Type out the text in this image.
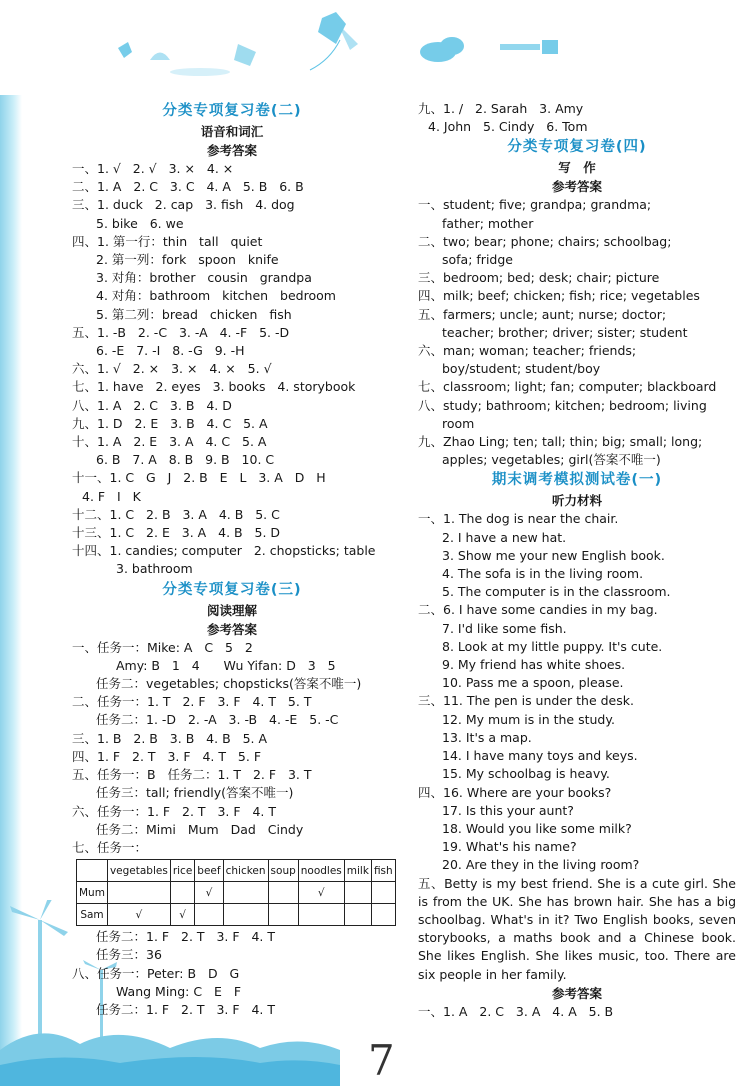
分类专项复习卷(二)
语音和词汇
参考答案
一、1. √   2. √   3. ×   4. ×
二、1. A   2. C   3. C   4. A   5. B   6. B
三、1. duck   2. cap   3. fish   4. dog
5. bike   6. we
四、1. 第一行：thin   tall   quiet
2. 第一列：fork   spoon   knife
3. 对角：brother   cousin   grandpa
4. 对角：bathroom   kitchen   bedroom
5. 第二列：bread   chicken   fish
五、1. -B   2. -C   3. -A   4. -F   5. -D
6. -E   7. -I   8. -G   9. -H
六、1. √   2. ×   3. ×   4. ×   5. √
七、1. have   2. eyes   3. books   4. storybook
八、1. A   2. C   3. B   4. D
九、1. D   2. E   3. B   4. C   5. A
十、1. A   2. E   3. A   4. C   5. A
6. B   7. A   8. B   9. B   10. C
十一、1. C   G   J   2. B   E   L   3. A   D   H
4. F   I   K
十二、1. C   2. B   3. A   4. B   5. C
十三、1. C   2. E   3. A   4. B   5. D
十四、1. candies; computer   2. chopsticks; table
3. bathroom
分类专项复习卷(三)
阅读理解
参考答案
一、任务一：Mike: A   C   5   2
Amy: B   1   4      Wu Yifan: D   3   5
任务二：vegetables; chopsticks(答案不唯一)
二、任务一：1. T   2. F   3. F   4. T   5. T
任务二：1. -D   2. -A   3. -B   4. -E   5. -C
三、1. B   2. B   3. B   4. B   5. A
四、1. F   2. T   3. F   4. T   5. F
五、任务一：B   任务二：1. T   2. F   3. T
任务三：tall; friendly(答案不唯一)
六、任务一：1. F   2. T   3. F   4. T
任务二：Mimi   Mum   Dad   Cindy
七、任务一：
	vegetables	rice	beef	chicken	soup	noodles	milk	fish
Mum			√			√		
Sam	√	√						
任务二：1. F   2. T   3. F   4. T
任务三：36
八、任务一：Peter: B   D   G
Wang Ming: C   E   F
任务二：1. F   2. T   3. F   4. T
九、1. /   2. Sarah   3. Amy
4. John   5. Cindy   6. Tom
分类专项复习卷(四)
写　作
参考答案
一、student; five; grandpa; grandma;
father; mother
二、two; bear; phone; chairs; schoolbag;
sofa; fridge
三、bedroom; bed; desk; chair; picture
四、milk; beef; chicken; fish; rice; vegetables
五、farmers; uncle; aunt; nurse; doctor;
teacher; brother; driver; sister; student
六、man; woman; teacher; friends;
boy/student; student/boy
七、classroom; light; fan; computer; blackboard
八、study; bathroom; kitchen; bedroom; living
room
九、Zhao Ling; ten; tall; thin; big; small; long;
apples; vegetables; girl(答案不唯一)
期末调考模拟测试卷(一)
听力材料
一、1. The dog is near the chair.
2. I have a new hat.
3. Show me your new English book.
4. The sofa is in the living room.
5. The computer is in the classroom.
二、6. I have some candies in my bag.
7. I'd like some fish.
8. Look at my little puppy. It's cute.
9. My friend has white shoes.
10. Pass me a spoon, please.
三、11. The pen is under the desk.
12. My mum is in the study.
13. It's a map.
14. I have many toys and keys.
15. My schoolbag is heavy.
四、16. Where are your books?
17. Is this your aunt?
18. Would you like some milk?
19. What's his name?
20. Are they in the living room?
五、Betty is my best friend. She is a cute girl. She is from the UK. She has brown hair. She has a big schoolbag. What's in it? Two English books, seven storybooks, a maths book and a Chinese book. She likes English. She likes music, too. There are six people in her family.
参考答案
一、1. A   2. C   3. A   4. A   5. B
7
